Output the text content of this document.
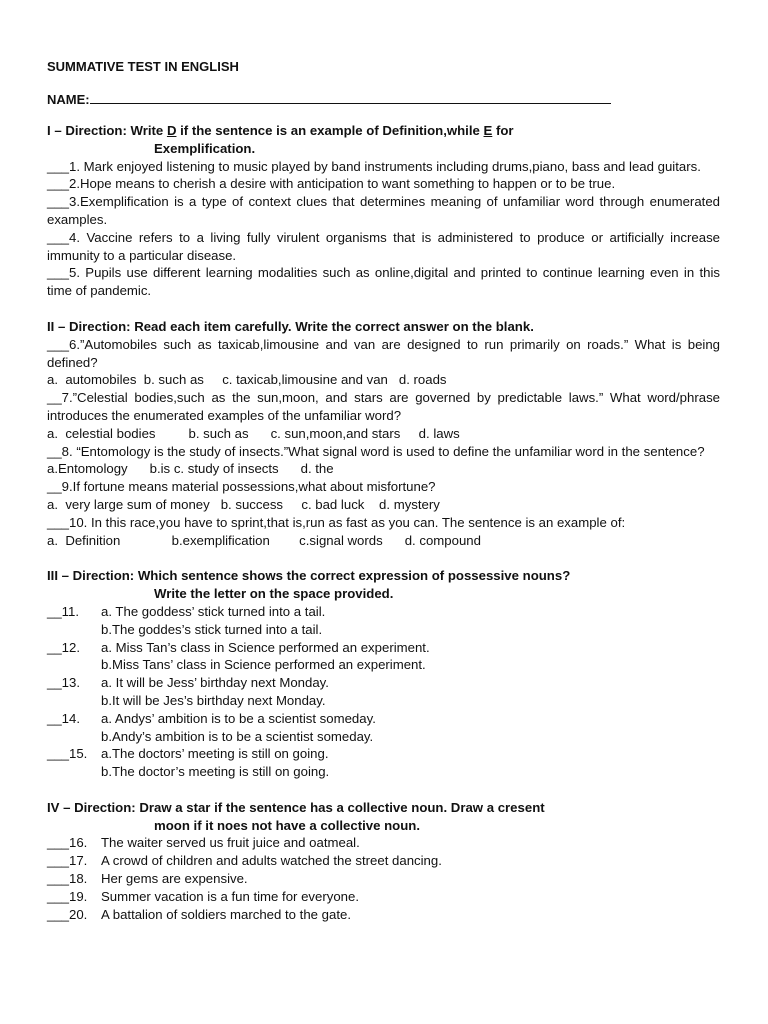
SUMMATIVE TEST IN ENGLISH
NAME:
I – Direction: Write D if the sentence is an example of Definition,while E for
Exemplification.
___1. Mark enjoyed listening to music played by band instruments including drums,piano, bass and lead guitars.
___2.Hope means to cherish a desire with anticipation to want something to happen or to be true.
___3.Exemplification is a type of context clues that determines meaning of unfamiliar word through enumerated examples.
___4. Vaccine refers to a living fully virulent organisms that is administered to produce or artificially increase immunity to a particular disease.
___5. Pupils use different learning modalities such as online,digital and printed to continue learning even in this time of pandemic.
II – Direction: Read each item carefully. Write the correct answer on the blank.
___6.”Automobiles such as taxicab,limousine and van are designed to run primarily on roads.” What is being defined?
a.  automobiles b. such as c. taxicab,limousine and van d. roads
__7.”Celestial bodies,such as the sun,moon, and stars are governed by predictable laws.” What word/phrase introduces the enumerated examples of the unfamiliar word?
a.  celestial bodies b. such as c. sun,moon,and stars d. laws
__8. “Entomology is the study of insects.”What signal word is used to define the unfamiliar word in the sentence?
a.Entomology b.is c. study of insects d. the
__9.If fortune means material possessions,what about misfortune?
a.  very large sum of money b. success c. bad luck d. mystery
___10. In this race,you have to sprint,that is,run as fast as you can. The sentence is an example of:
a.  Definition b.exemplification c.signal words d. compound
III – Direction: Which sentence shows the correct expression of possessive nouns?
Write the letter on the space provided.
__11.	a. The goddess’ stick turned into a tail.
b.The goddes’s stick turned into a tail.
__12.	a. Miss Tan’s class in Science performed an experiment.
b.Miss Tans’ class in Science performed an experiment.
__13.	a. It will be Jess’ birthday next Monday.
b.It will be Jes’s birthday next Monday.
__14.	a. Andys’ ambition is to be a scientist someday.
b.Andy’s ambition is to be a scientist someday.
___15.	a.The doctors’ meeting is still on going.
b.The doctor’s meeting is still on going.
IV – Direction: Draw a star if the sentence has a collective noun. Draw a cresent
moon if it noes not have a collective noun.
___16.	The waiter served us fruit juice and oatmeal.
___17.	A crowd of children and adults watched the street dancing.
___18.	Her gems are expensive.
___19.	Summer vacation is a fun time for everyone.
___20.	A battalion of soldiers marched to the gate.
